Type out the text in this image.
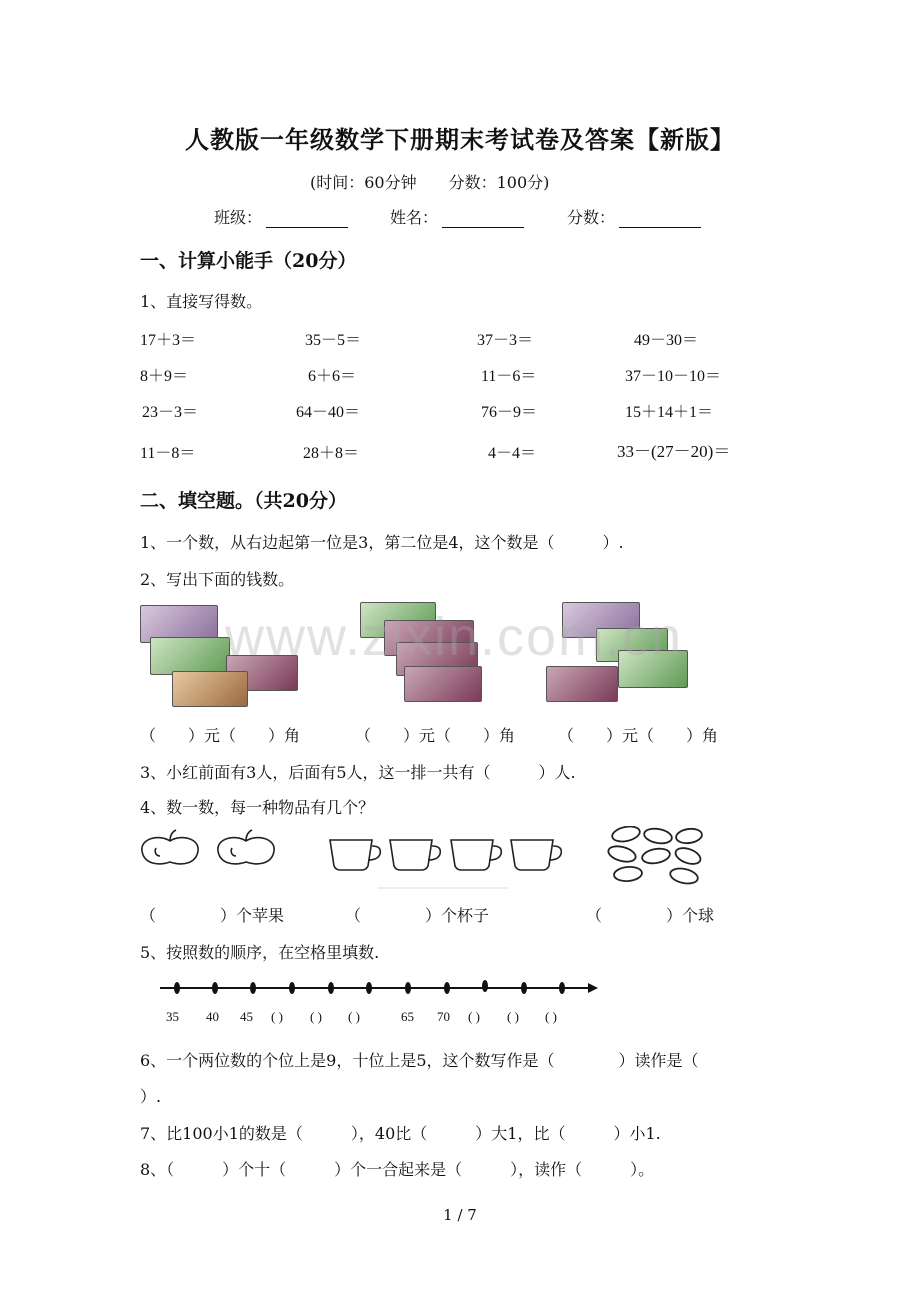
人教版一年级数学下册期末考试卷及答案【新版】
(时间：60分钟　　分数：100分)
班级：	姓名：	分数：
一、计算小能手（20分）
1、直接写得数。
17＋3＝	35－5＝	37－3＝	49－30＝
8＋9＝	6＋6＝	11－6＝	37－10－10＝
23－3＝	64－40＝	76－9＝	15＋14＋1＝
11－8＝	28＋8＝	4－4＝	33－(27－20)＝
二、填空题。（共20分）
1、一个数，从右边起第一位是3，第二位是4，这个数是（　　　）.
2、写出下面的钱数。
www.zixin.com.cn
（　　）元（　　）角	（　　）元（　　）角	（　　）元（　　）角
3、小红前面有3人，后面有5人，这一排一共有（　　　）人.
4、数一数，每一种物品有几个？
（　　　　）个苹果	（　　　　）个杯子	（　　　　）个球
5、按照数的顺序，在空格里填数.
35 40 45 ( ) ( ) ( )	65 70 ( ) ( ) ( )
6、一个两位数的个位上是9，十位上是5，这个数写作是（　　　　）读作是（
）.
7、比100小1的数是（　　　），40比（　　　）大1，比（　　　）小1.
8、（　　　）个十（　　　）个一合起来是（　　　），读作（　　　）。
1 / 7
